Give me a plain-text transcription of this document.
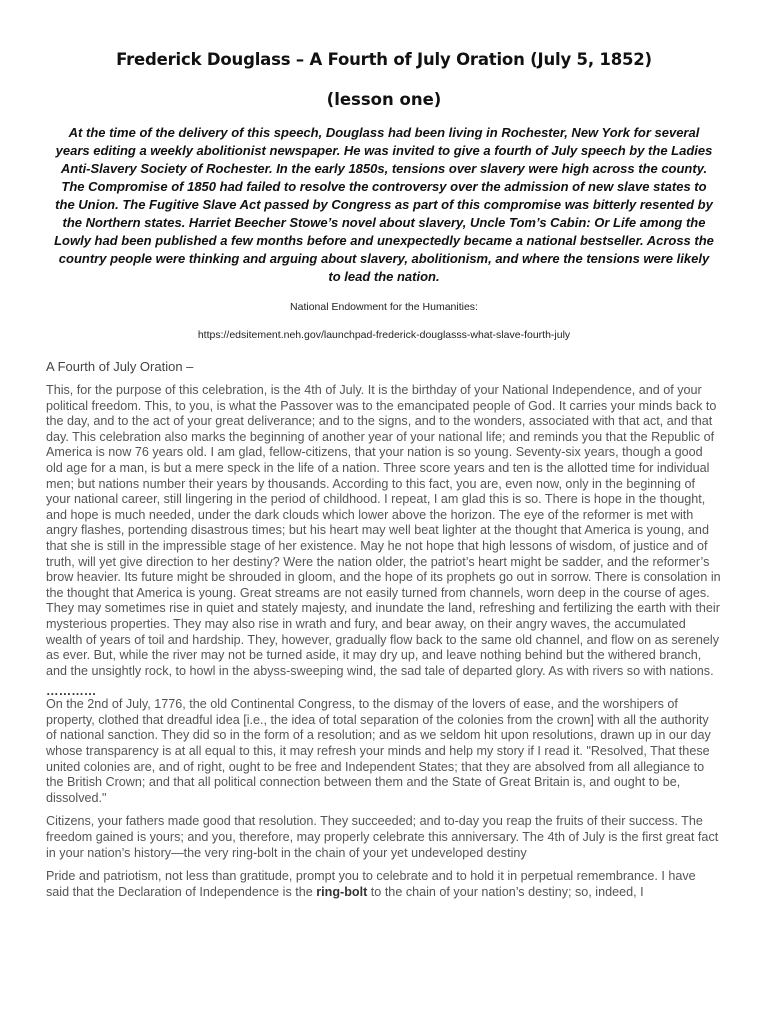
Frederick Douglass – A Fourth of July Oration (July 5, 1852)
(lesson one)

At the time of the delivery of this speech, Douglass had been living in Rochester, New York for several years editing a weekly abolitionist newspaper. He was invited to give a fourth of July speech by the Ladies Anti-Slavery Society of Rochester. In the early 1850s, tensions over slavery were high across the county. The Compromise of 1850 had failed to resolve the controversy over the admission of new slave states to the Union. The Fugitive Slave Act passed by Congress as part of this compromise was bitterly resented by the Northern states. Harriet Beecher Stowe’s novel about slavery, Uncle Tom’s Cabin: Or Life among the Lowly had been published a few months before and unexpectedly became a national bestseller. Across the country people were thinking and arguing about slavery, abolitionism, and where the tensions were likely to lead the nation.

National Endowment for the Humanities:

https://edsitement.neh.gov/launchpad-frederick-douglasss-what-slave-fourth-july

A Fourth of July Oration –

This, for the purpose of this celebration, is the 4th of July. It is the birthday of your National Independence, and of your political freedom. This, to you, is what the Passover was to the emancipated people of God. It carries your minds back to the day, and to the act of your great deliverance; and to the signs, and to the wonders, associated with that act, and that day. This celebration also marks the beginning of another year of your national life; and reminds you that the Republic of America is now 76 years old. I am glad, fellow-citizens, that your nation is so young. Seventy-six years, though a good old age for a man, is but a mere speck in the life of a nation. Three score years and ten is the allotted time for individual men; but nations number their years by thousands. According to this fact, you are, even now, only in the beginning of your national career, still lingering in the period of childhood. I repeat, I am glad this is so. There is hope in the thought, and hope is much needed, under the dark clouds which lower above the horizon. The eye of the reformer is met with angry flashes, portending disastrous times; but his heart may well beat lighter at the thought that America is young, and that she is still in the impressible stage of her existence. May he not hope that high lessons of wisdom, of justice and of truth, will yet give direction to her destiny? Were the nation older, the patriot’s heart might be sadder, and the reformer’s brow heavier. Its future might be shrouded in gloom, and the hope of its prophets go out in sorrow. There is consolation in the thought that America is young. Great streams are not easily turned from channels, worn deep in the course of ages. They may sometimes rise in quiet and stately majesty, and inundate the land, refreshing and fertilizing the earth with their mysterious properties. They may also rise in wrath and fury, and bear away, on their angry waves, the accumulated wealth of years of toil and hardship. They, however, gradually flow back to the same old channel, and flow on as serenely as ever. But, while the river may not be turned aside, it may dry up, and leave nothing behind but the withered branch, and the unsightly rock, to howl in the abyss-sweeping wind, the sad tale of departed glory. As with rivers so with nations.

…………

On the 2nd of July, 1776, the old Continental Congress, to the dismay of the lovers of ease, and the worshipers of property, clothed that dreadful idea [i.e., the idea of total separation of the colonies from the crown] with all the authority of national sanction. They did so in the form of a resolution; and as we seldom hit upon resolutions, drawn up in our day whose transparency is at all equal to this, it may refresh your minds and help my story if I read it. "Resolved, That these united colonies are, and of right, ought to be free and Independent States; that they are absolved from all allegiance to the British Crown; and that all political connection between them and the State of Great Britain is, and ought to be, dissolved."

Citizens, your fathers made good that resolution. They succeeded; and to-day you reap the fruits of their success. The freedom gained is yours; and you, therefore, may properly celebrate this anniversary. The 4th of July is the first great fact in your nation’s history—the very ring-bolt in the chain of your yet undeveloped destiny

Pride and patriotism, not less than gratitude, prompt you to celebrate and to hold it in perpetual remembrance. I have said that the Declaration of Independence is the ring-bolt to the chain of your nation’s destiny; so, indeed, I
